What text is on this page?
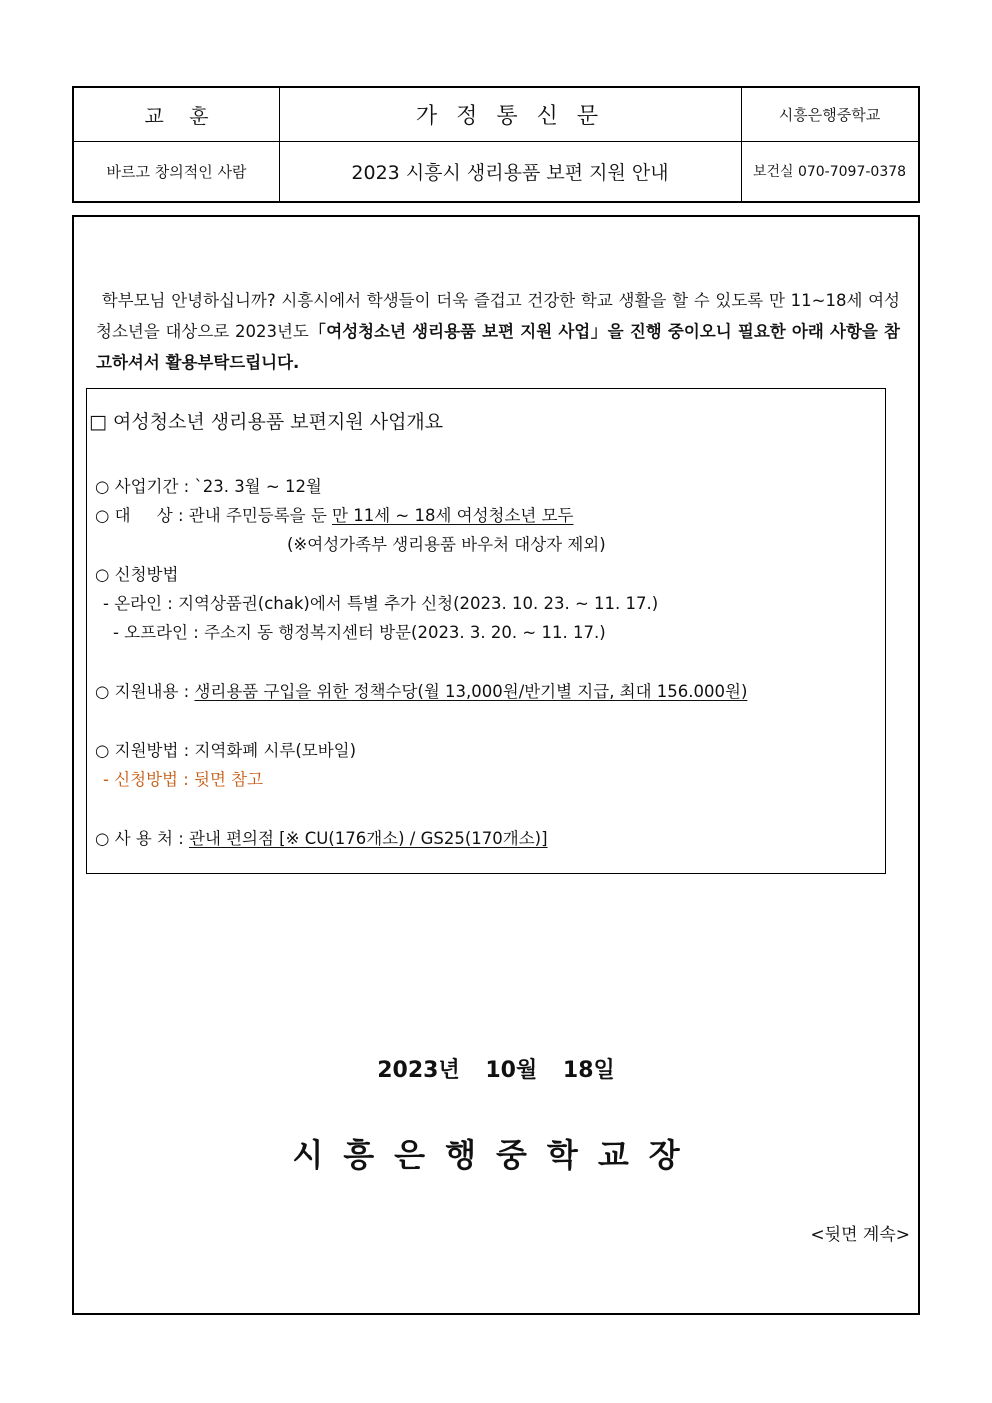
교    훈	가 정 통 신 문	시흥은행중학교
바르고 창의적인 사람	2023 시흥시 생리용품 보편 지원 안내	보건실 070-7097-0378

학부모님 안녕하십니까? 시흥시에서 학생들이 더욱 즐겁고 건강한 학교 생활을 할 수 있도록 만 11~18세 여성 청소년을 대상으로 2023년도「여성청소년 생리용품 보편 지원 사업」을 진행 중이오니 필요한 아래 사항을 참고하셔서 활용부탁드립니다.

□ 여성청소년 생리용품 보편지원 사업개요
○ 사업기간 : `23. 3월 ~ 12월
○ 대     상 : 관내 주민등록을 둔 만 11세 ~ 18세 여성청소년 모두
(※여성가족부 생리용품 바우처 대상자 제외)
○ 신청방법
- 온라인 : 지역상품권(chak)에서 특별 추가 신청(2023. 10. 23. ~ 11. 17.)
- 오프라인 : 주소지 동 행정복지센터 방문(2023. 3. 20. ~ 11. 17.)
○ 지원내용 : 생리용품 구입을 위한 정책수당(월 13,000원/반기별 지급, 최대 156.000원)
○ 지원방법 : 지역화폐 시루(모바일)
- 신청방법 : 뒷면 참고
○ 사 용 처 : 관내 편의점 [※ CU(176개소) / GS25(170개소)]
2023년 10월 18일
시흥은행중학교장
<뒷면 계속>
